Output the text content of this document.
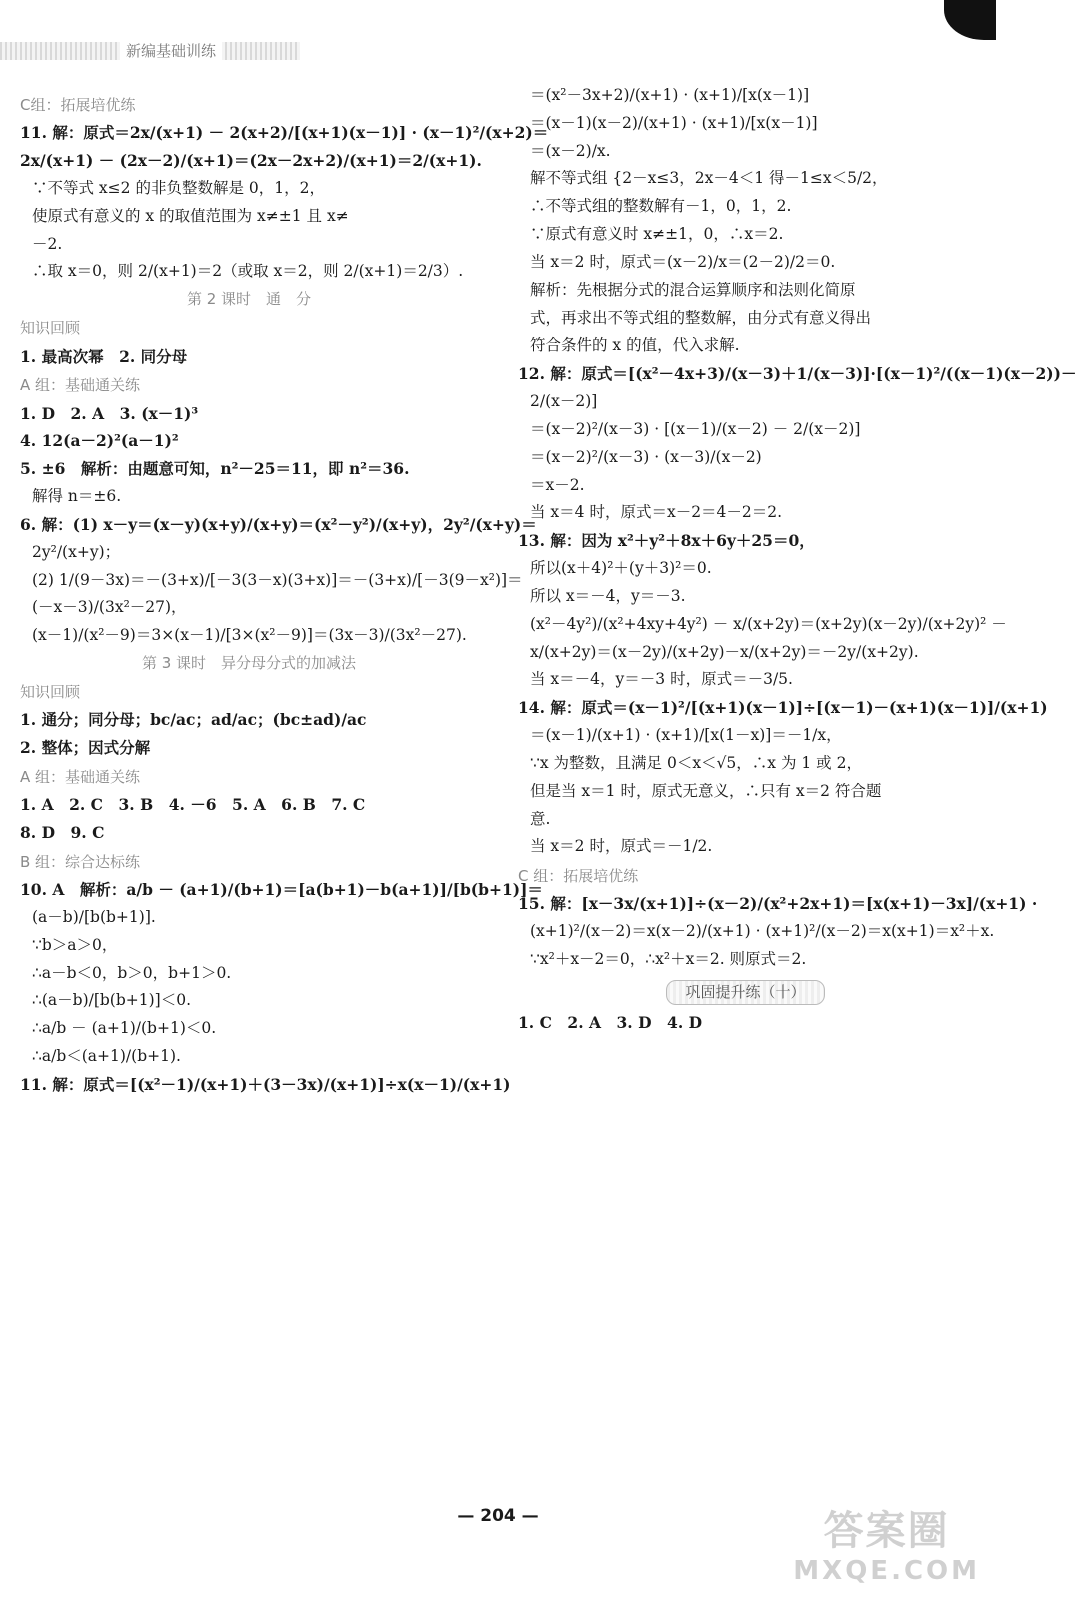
新编基础训练
C组：拓展培优练
11. 解：原式＝2x/(x+1) － 2(x+2)/[(x+1)(x－1)] · (x－1)²/(x+2)＝
2x/(x+1) － (2x－2)/(x+1)＝(2x－2x+2)/(x+1)＝2/(x+1).
∵不等式 x≤2 的非负整数解是 0，1，2，
使原式有意义的 x 的取值范围为 x≠±1 且 x≠
－2.
∴取 x＝0，则 2/(x+1)＝2（或取 x＝2，则 2/(x+1)＝2/3）.
第 2 课时　通　分
知识回顾
1. 最高次幂　2. 同分母
A 组：基础通关练
1. D　2. A　3. (x－1)³
4. 12(a－2)²(a－1)²
5. ±6　解析：由题意可知，n²－25＝11，即 n²＝36.
解得 n＝±6.
6. 解：(1) x－y＝(x－y)(x+y)/(x+y)＝(x²－y²)/(x+y)，2y²/(x+y)＝
2y²/(x+y)；
(2) 1/(9－3x)＝－(3+x)/[－3(3－x)(3+x)]＝－(3+x)/[－3(9－x²)]＝
(－x－3)/(3x²－27)，
(x－1)/(x²－9)＝3×(x－1)/[3×(x²－9)]＝(3x－3)/(3x²－27).
第 3 课时　异分母分式的加减法
知识回顾
1. 通分；同分母；bc/ac；ad/ac；(bc±ad)/ac
2. 整体；因式分解
A 组：基础通关练
1. A　2. C　3. B　4. －6　5. A　6. B　7. C
8. D　9. C
B 组：综合达标练
10. A　解析：a/b － (a+1)/(b+1)＝[a(b+1)－b(a+1)]/[b(b+1)]＝
(a－b)/[b(b+1)].
∵b＞a＞0，
∴a－b＜0，b＞0，b+1＞0.
∴(a－b)/[b(b+1)]＜0.
∴a/b － (a+1)/(b+1)＜0.
∴a/b＜(a+1)/(b+1).
11. 解：原式＝[(x²－1)/(x+1)＋(3－3x)/(x+1)]÷x(x－1)/(x+1)
＝(x²－3x+2)/(x+1) · (x+1)/[x(x－1)]
＝(x－1)(x－2)/(x+1) · (x+1)/[x(x－1)]
＝(x－2)/x.
解不等式组 {2－x≤3，2x－4＜1 得－1≤x＜5/2，
∴不等式组的整数解有－1，0，1，2.
∵原式有意义时 x≠±1，0，∴x＝2.
当 x＝2 时，原式＝(x－2)/x＝(2－2)/2＝0.
解析：先根据分式的混合运算顺序和法则化简原
式，再求出不等式组的整数解，由分式有意义得出
符合条件的 x 的值，代入求解.
12. 解：原式＝[(x²－4x+3)/(x－3)＋1/(x－3)]·[(x－1)²/((x－1)(x－2))－
2/(x－2)]
＝(x－2)²/(x－3) · [(x－1)/(x－2) － 2/(x－2)]
＝(x－2)²/(x－3) · (x－3)/(x－2)
＝x－2.
当 x＝4 时，原式＝x－2＝4－2＝2.
13. 解：因为 x²＋y²＋8x＋6y＋25＝0，
所以(x＋4)²＋(y＋3)²＝0.
所以 x＝－4，y＝－3.
(x²－4y²)/(x²+4xy+4y²) － x/(x+2y)＝(x+2y)(x－2y)/(x+2y)² －
x/(x+2y)＝(x－2y)/(x+2y)－x/(x+2y)＝－2y/(x+2y).
当 x＝－4，y＝－3 时，原式＝－3/5.
14. 解：原式＝(x－1)²/[(x+1)(x－1)]÷[(x－1)－(x+1)(x－1)]/(x+1)
＝(x－1)/(x+1) · (x+1)/[x(1－x)]＝－1/x，
∵x 为整数，且满足 0＜x＜√5，∴x 为 1 或 2，
但是当 x＝1 时，原式无意义，∴只有 x＝2 符合题
意.
当 x＝2 时，原式＝－1/2.
C 组：拓展培优练
15. 解：[x－3x/(x+1)]÷(x－2)/(x²+2x+1)＝[x(x+1)－3x]/(x+1) ·
(x+1)²/(x－2)＝x(x－2)/(x+1) · (x+1)²/(x－2)＝x(x+1)＝x²＋x.
∵x²＋x－2＝0，∴x²＋x＝2. 则原式＝2.
巩固提升练（十）
1. C　2. A　3. D　4. D
— 204 —	答案圈
MXQE.COM
